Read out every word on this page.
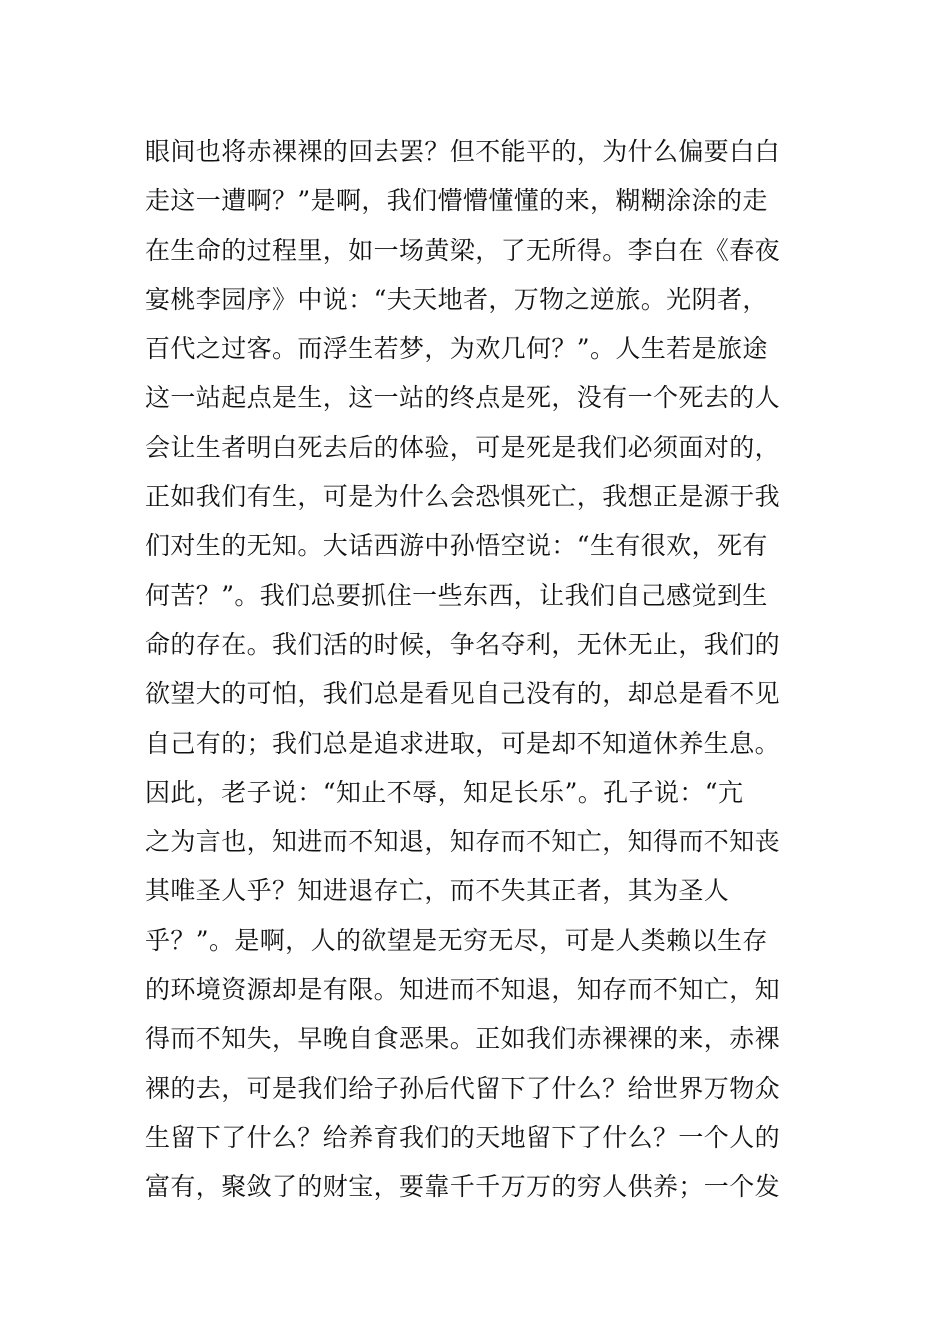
眼间也将赤裸裸的回去罢？但不能平的，为什么偏要白白
走这一遭啊？”是啊，我们懵懵懂懂的来，糊糊涂涂的走
在生命的过程里，如一场黄梁，了无所得。李白在《春夜
宴桃李园序》中说：“夫天地者，万物之逆旅。光阴者，
百代之过客。而浮生若梦，为欢几何？”。人生若是旅途
这一站起点是生，这一站的终点是死，没有一个死去的人
会让生者明白死去后的体验，可是死是我们必须面对的，
正如我们有生，可是为什么会恐惧死亡，我想正是源于我
们对生的无知。大话西游中孙悟空说：“生有很欢，死有
何苦？”。我们总要抓住一些东西，让我们自己感觉到生
命的存在。我们活的时候，争名夺利，无休无止，我们的
欲望大的可怕，我们总是看见自己没有的，却总是看不见
自己有的；我们总是追求进取，可是却不知道休养生息。
因此，老子说：“知止不辱，知足长乐”。孔子说：“亢
之为言也，知进而不知退，知存而不知亡，知得而不知丧
其唯圣人乎？知进退存亡，而不失其正者，其为圣人
乎？”。是啊，人的欲望是无穷无尽，可是人类赖以生存
的环境资源却是有限。知进而不知退，知存而不知亡，知
得而不知失，早晚自食恶果。正如我们赤裸裸的来，赤裸
裸的去，可是我们给子孙后代留下了什么？给世界万物众
生留下了什么？给养育我们的天地留下了什么？一个人的
富有，聚敛了的财宝，要靠千千万万的穷人供养；一个发
